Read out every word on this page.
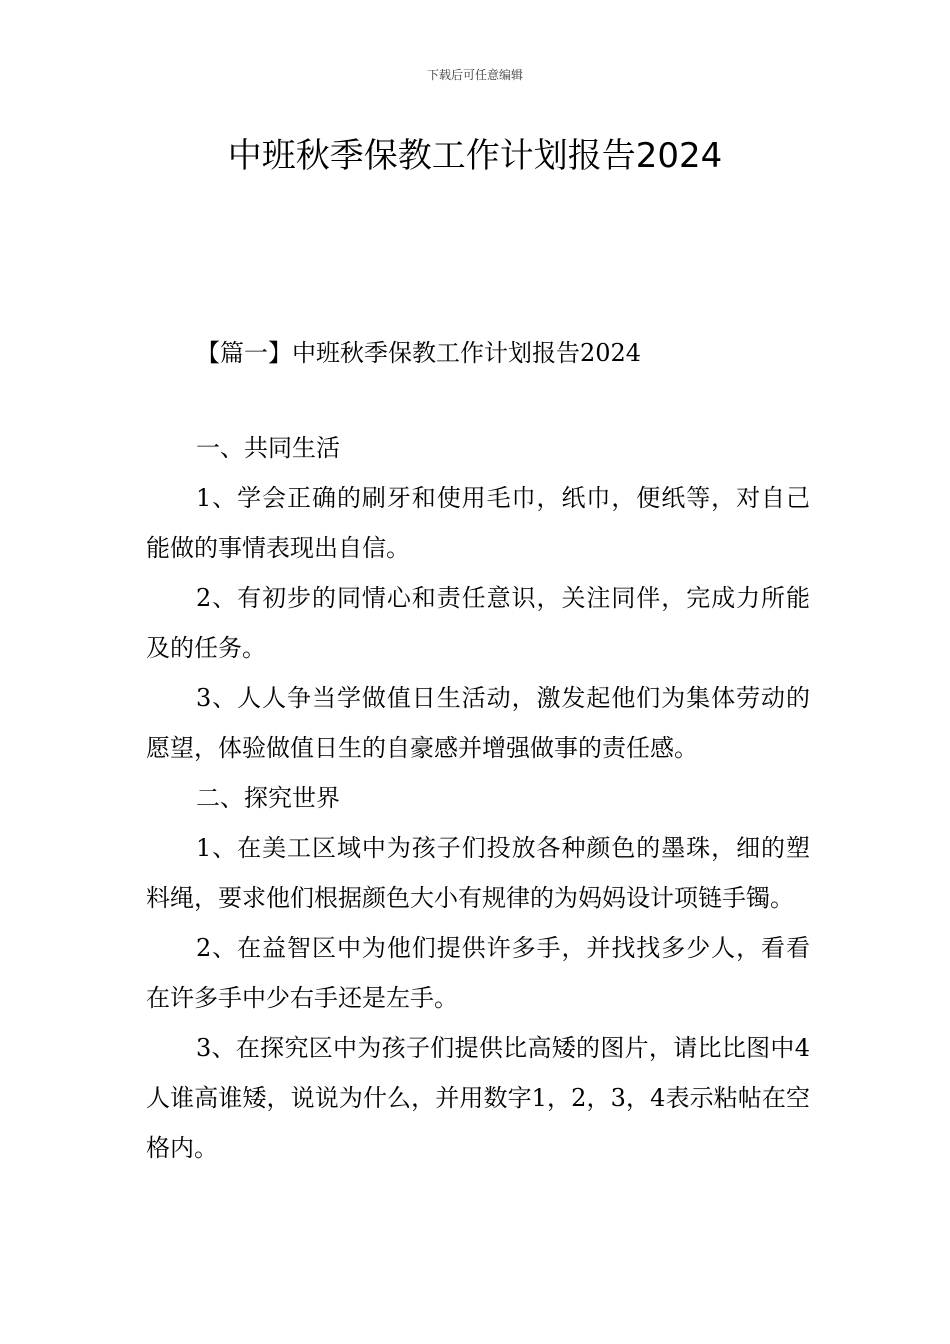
下载后可任意编辑
中班秋季保教工作计划报告2024
【篇一】中班秋季保教工作计划报告2024

一、共同生活

1、学会正确的刷牙和使用毛巾，纸巾，便纸等，对自己能做的事情表现出自信。

2、有初步的同情心和责任意识，关注同伴，完成力所能及的任务。

3、人人争当学做值日生活动，激发起他们为集体劳动的愿望，体验做值日生的自豪感并增强做事的责任感。

二、探究世界

1、在美工区域中为孩子们投放各种颜色的墨珠，细的塑料绳，要求他们根据颜色大小有规律的为妈妈设计项链手镯。

2、在益智区中为他们提供许多手，并找找多少人，看看在许多手中少右手还是左手。

3、在探究区中为孩子们提供比高矮的图片，请比比图中4人谁高谁矮，说说为什么，并用数字1，2，3，4表示粘帖在空格内。
